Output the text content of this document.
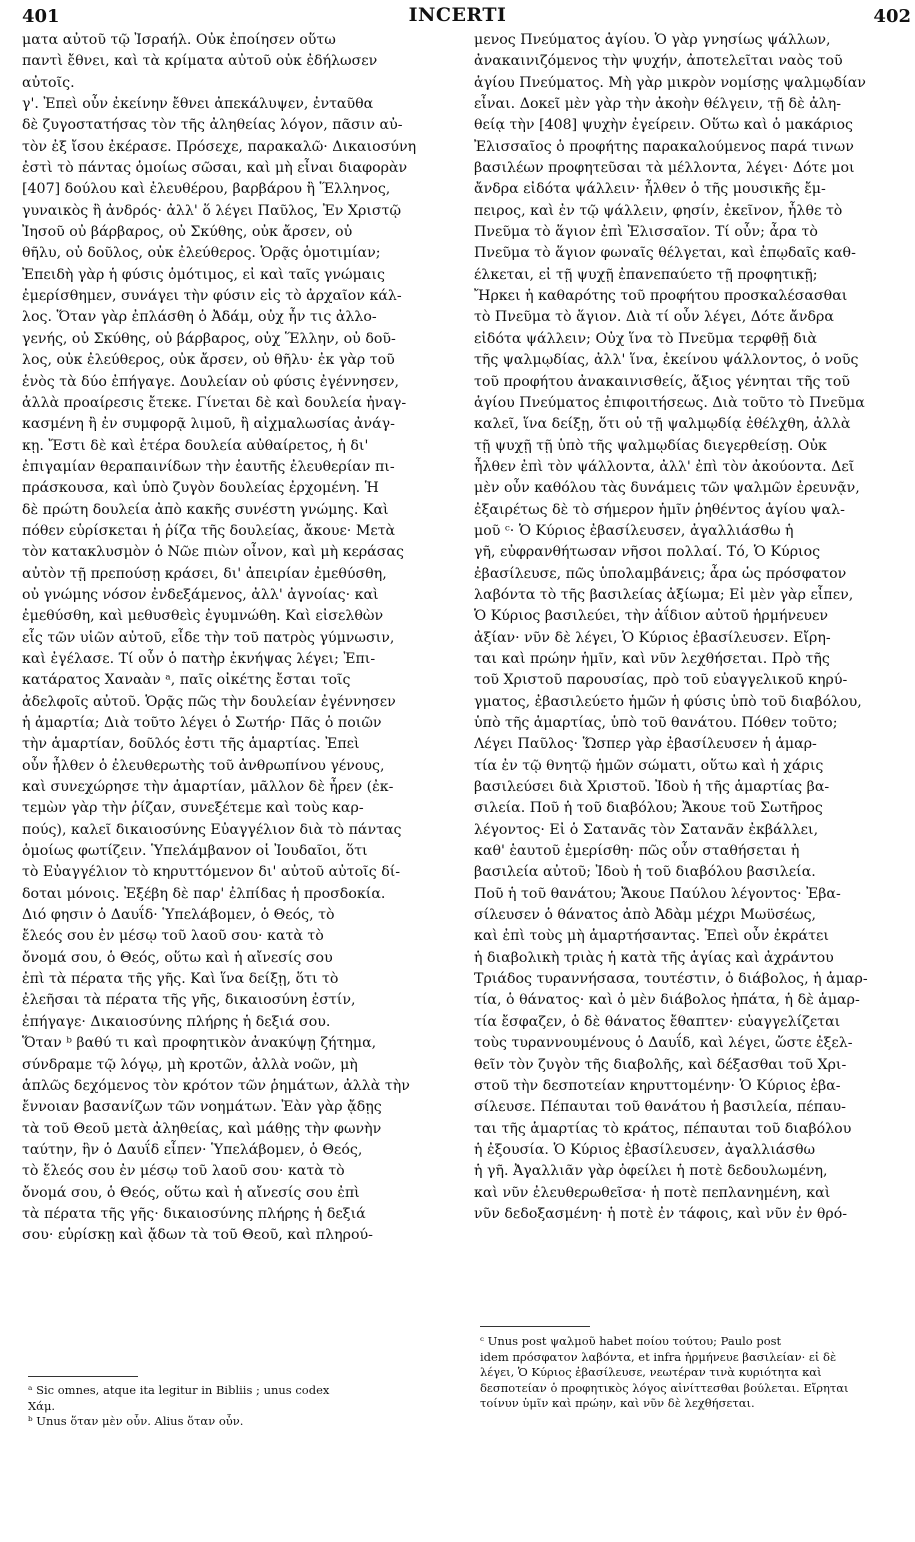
401	INCERTI	402
ματα αὐτοῦ τῷ Ἰσραήλ. Οὐκ ἐποίησεν οὕτω
παντὶ ἔθνει, καὶ τὰ κρίματα αὐτοῦ οὐκ ἐδήλωσεν
αὐτοῖς.
γ'. Ἐπεὶ οὖν ἐκείνην ἔθνει ἀπεκάλυψεν, ἐνταῦθα
δὲ ζυγοστατήσας τὸν τῆς ἀληθείας λόγον, πᾶσιν αὐ-
τὸν ἐξ ἴσου ἐκέρασε. Πρόσεχε, παρακαλῶ· Δικαιοσύνη
ἐστὶ τὸ πάντας ὁμοίως σῶσαι, καὶ μὴ εἶναι διαφορὰν
[407] δούλου καὶ ἐλευθέρου, βαρβάρου ἢ Ἕλληνος,
γυναικὸς ἢ ἀνδρός· ἀλλ' ὅ λέγει Παῦλος, Ἐν Χριστῷ
Ἰησοῦ οὐ βάρβαρος, οὐ Σκύθης, οὐκ ἄρσεν, οὐ
θῆλυ, οὐ δοῦλος, οὐκ ἐλεύθερος. Ὁρᾷς ὁμοτιμίαν;
Ἐπειδὴ γὰρ ἡ φύσις ὁμότιμος, εἰ καὶ ταῖς γνώμαις
ἐμερίσθημεν, συνάγει τὴν φύσιν εἰς τὸ ἀρχαῖον κάλ-
λος. Ὅταν γὰρ ἐπλάσθη ὁ Ἀδάμ, οὐχ ἦν τις ἀλλο-
γενής, οὐ Σκύθης, οὐ βάρβαρος, οὐχ Ἕλλην, οὐ δοῦ-
λος, οὐκ ἐλεύθερος, οὐκ ἄρσεν, οὐ θῆλυ· ἐκ γὰρ τοῦ
ἑνὸς τὰ δύο ἐπήγαγε. Δουλείαν οὐ φύσις ἐγέννησεν,
ἀλλὰ προαίρεσις ἔτεκε. Γίνεται δὲ καὶ δουλεία ἠναγ-
κασμένη ἢ ἐν συμφορᾷ λιμοῦ, ἢ αἰχμαλωσίας ἀνάγ-
κῃ. Ἔστι δὲ καὶ ἑτέρα δουλεία αὐθαίρετος, ἡ δι'
ἐπιγαμίαν θεραπαινίδων τὴν ἑαυτῆς ἐλευθερίαν πι-
πράσκουσα, καὶ ὑπὸ ζυγὸν δουλείας ἐρχομένη. Ἡ
δὲ πρώτη δουλεία ἀπὸ κακῆς συνέστη γνώμης. Καὶ
πόθεν εὑρίσκεται ἡ ῥίζα τῆς δουλείας, ἄκουε· Μετὰ
τὸν κατακλυσμὸν ὁ Νῶε πιὼν οἶνον, καὶ μὴ κεράσας
αὐτὸν τῇ πρεπούσῃ κράσει, δι' ἀπειρίαν ἐμεθύσθη,
οὐ γνώμης νόσον ἐνδεξάμενος, ἀλλ' ἀγνοίας· καὶ
ἐμεθύσθη, καὶ μεθυσθεὶς ἐγυμνώθη. Καὶ εἰσελθὼν
εἷς τῶν υἱῶν αὐτοῦ, εἶδε τὴν τοῦ πατρὸς γύμνωσιν,
καὶ ἐγέλασε. Τί οὖν ὁ πατὴρ ἐκνήψας λέγει; Ἐπι-
κατάρατος Χαναὰν ᵃ, παῖς οἰκέτης ἔσται τοῖς
ἀδελφοῖς αὐτοῦ. Ὁρᾷς πῶς τὴν δουλείαν ἐγέννησεν
ἡ ἁμαρτία; Διὰ τοῦτο λέγει ὁ Σωτήρ· Πᾶς ὁ ποιῶν
τὴν ἁμαρτίαν, δοῦλός ἐστι τῆς ἁμαρτίας. Ἐπεὶ
οὖν ἦλθεν ὁ ἐλευθερωτὴς τοῦ ἀνθρωπίνου γένους,
καὶ συνεχώρησε τὴν ἁμαρτίαν, μᾶλλον δὲ ἦρεν (ἐκ-
τεμὼν γὰρ τὴν ῥίζαν, συνεξέτεμε καὶ τοὺς καρ-
πούς), καλεῖ δικαιοσύνης Εὐαγγέλιον διὰ τὸ πάντας
ὁμοίως φωτίζειν. Ὑπελάμβανον οἱ Ἰουδαῖοι, ὅτι
τὸ Εὐαγγέλιον τὸ κηρυττόμενον δι' αὐτοῦ αὐτοῖς δί-
δοται μόνοις. Ἐξέβη δὲ παρ' ἐλπίδας ἡ προσδοκία.
Διό φησιν ὁ Δαυΐδ· Ὑπελάβομεν, ὁ Θεός, τὸ
ἔλεός σου ἐν μέσῳ τοῦ λαοῦ σου· κατὰ τὸ
ὄνομά σου, ὁ Θεός, οὕτω καὶ ἡ αἴνεσίς σου
ἐπὶ τὰ πέρατα τῆς γῆς. Καὶ ἵνα δείξῃ, ὅτι τὸ
ἐλεῆσαι τὰ πέρατα τῆς γῆς, δικαιοσύνη ἐστίν,
ἐπήγαγε· Δικαιοσύνης πλήρης ἡ δεξιά σου.
Ὅταν ᵇ βαθύ τι καὶ προφητικὸν ἀνακύψῃ ζήτημα,
σύνδραμε τῷ λόγῳ, μὴ κροτῶν, ἀλλὰ νοῶν, μὴ
ἁπλῶς δεχόμενος τὸν κρότον τῶν ῥημάτων, ἀλλὰ τὴν
ἔννοιαν βασανίζων τῶν νοημάτων. Ἐὰν γὰρ ᾄδῃς
τὰ τοῦ Θεοῦ μετὰ ἀληθείας, καὶ μάθῃς τὴν φωνὴν
ταύτην, ἣν ὁ Δαυΐδ εἶπεν· Ὑπελάβομεν, ὁ Θεός,
τὸ ἔλεός σου ἐν μέσῳ τοῦ λαοῦ σου· κατὰ τὸ
ὄνομά σου, ὁ Θεός, οὕτω καὶ ἡ αἴνεσίς σου ἐπὶ
τὰ πέρατα τῆς γῆς· δικαιοσύνης πλήρης ἡ δεξιά
σου· εὑρίσκῃ καὶ ᾄδων τὰ τοῦ Θεοῦ, καὶ πληρού-
μενος Πνεύματος ἁγίου. Ὁ γὰρ γνησίως ψάλλων,
ἀνακαινιζόμενος τὴν ψυχήν, ἀποτελεῖται ναὸς τοῦ
ἁγίου Πνεύματος. Μὴ γὰρ μικρὸν νομίσῃς ψαλμῳδίαν
εἶναι. Δοκεῖ μὲν γὰρ τὴν ἀκοὴν θέλγειν, τῇ δὲ ἀλη-
θείᾳ τὴν [408] ψυχὴν ἐγείρειν. Οὕτω καὶ ὁ μακάριος
Ἐλισσαῖος ὁ προφήτης παρακαλούμενος παρά τινων
βασιλέων προφητεῦσαι τὰ μέλλοντα, λέγει· Δότε μοι
ἄνδρα εἰδότα ψάλλειν· ἦλθεν ὁ τῆς μουσικῆς ἔμ-
πειρος, καὶ ἐν τῷ ψάλλειν, φησίν, ἐκεῖνον, ἦλθε τὸ
Πνεῦμα τὸ ἅγιον ἐπὶ Ἐλισσαῖον. Τί οὖν; ἆρα τὸ
Πνεῦμα τὸ ἅγιον φωναῖς θέλγεται, καὶ ἐπῳδαῖς καθ-
έλκεται, εἰ τῇ ψυχῇ ἐπανεπαύετο τῇ προφητικῇ;
Ἤρκει ἡ καθαρότης τοῦ προφήτου προσκαλέσασθαι
τὸ Πνεῦμα τὸ ἅγιον. Διὰ τί οὖν λέγει, Δότε ἄνδρα
εἰδότα ψάλλειν; Οὐχ ἵνα τὸ Πνεῦμα τερφθῇ διὰ
τῆς ψαλμῳδίας, ἀλλ' ἵνα, ἐκείνου ψάλλοντος, ὁ νοῦς
τοῦ προφήτου ἀνακαινισθείς, ἄξιος γένηται τῆς τοῦ
ἁγίου Πνεύματος ἐπιφοιτήσεως. Διὰ τοῦτο τὸ Πνεῦμα
καλεῖ, ἵνα δείξῃ, ὅτι οὐ τῇ ψαλμῳδίᾳ ἐθέλχθη, ἀλλὰ
τῇ ψυχῇ τῇ ὑπὸ τῆς ψαλμῳδίας διεγερθείσῃ. Οὐκ
ἦλθεν ἐπὶ τὸν ψάλλοντα, ἀλλ' ἐπὶ τὸν ἀκούοντα. Δεῖ
μὲν οὖν καθόλου τὰς δυνάμεις τῶν ψαλμῶν ἐρευνᾷν,
ἐξαιρέτως δὲ τὸ σήμερον ἡμῖν ῥηθέντος ἁγίου ψαλ-
μοῦ ᶜ· Ὁ Κύριος ἐβασίλευσεν, ἀγαλλιάσθω ἡ
γῆ, εὐφρανθήτωσαν νῆσοι πολλαί. Τό, Ὁ Κύριος
ἐβασίλευσε, πῶς ὑπολαμβάνεις; ἆρα ὡς πρόσφατον
λαβόντα τὸ τῆς βασιλείας ἀξίωμα; Εἰ μὲν γὰρ εἶπεν,
Ὁ Κύριος βασιλεύει, τὴν ἀΐδιον αὐτοῦ ἡρμήνευεν
ἀξίαν· νῦν δὲ λέγει, Ὁ Κύριος ἐβασίλευσεν. Εἴρη-
ται καὶ πρώην ἡμῖν, καὶ νῦν λεχθήσεται. Πρὸ τῆς
τοῦ Χριστοῦ παρουσίας, πρὸ τοῦ εὐαγγελικοῦ κηρύ-
γματος, ἐβασιλεύετο ἡμῶν ἡ φύσις ὑπὸ τοῦ διαβόλου,
ὑπὸ τῆς ἁμαρτίας, ὑπὸ τοῦ θανάτου. Πόθεν τοῦτο;
Λέγει Παῦλος· Ὥσπερ γὰρ ἐβασίλευσεν ἡ ἁμαρ-
τία ἐν τῷ θνητῷ ἡμῶν σώματι, οὕτω καὶ ἡ χάρις
βασιλεύσει διὰ Χριστοῦ. Ἰδοὺ ἡ τῆς ἁμαρτίας βα-
σιλεία. Ποῦ ἡ τοῦ διαβόλου; Ἄκουε τοῦ Σωτῆρος
λέγοντος· Εἰ ὁ Σατανᾶς τὸν Σατανᾶν ἐκβάλλει,
καθ' ἑαυτοῦ ἐμερίσθη· πῶς οὖν σταθήσεται ἡ
βασιλεία αὐτοῦ; Ἰδοὺ ἡ τοῦ διαβόλου βασιλεία.
Ποῦ ἡ τοῦ θανάτου; Ἄκουε Παύλου λέγοντος· Ἐβα-
σίλευσεν ὁ θάνατος ἀπὸ Ἀδὰμ μέχρι Μωϋσέως,
καὶ ἐπὶ τοὺς μὴ ἁμαρτήσαντας. Ἐπεὶ οὖν ἐκράτει
ἡ διαβολικὴ τριὰς ἡ κατὰ τῆς ἁγίας καὶ ἀχράντου
Τριάδος τυραννήσασα, τουτέστιν, ὁ διάβολος, ἡ ἁμαρ-
τία, ὁ θάνατος· καὶ ὁ μὲν διάβολος ἠπάτα, ἡ δὲ ἁμαρ-
τία ἔσφαζεν, ὁ δὲ θάνατος ἔθαπτεν· εὐαγγελίζεται
τοὺς τυραννουμένους ὁ Δαυΐδ, καὶ λέγει, ὥστε ἐξελ-
θεῖν τὸν ζυγὸν τῆς διαβολῆς, καὶ δέξασθαι τοῦ Χρι-
στοῦ τὴν δεσποτείαν κηρυττομένην· Ὁ Κύριος ἐβα-
σίλευσε. Πέπαυται τοῦ θανάτου ἡ βασιλεία, πέπαυ-
ται τῆς ἁμαρτίας τὸ κράτος, πέπαυται τοῦ διαβόλου
ἡ ἐξουσία. Ὁ Κύριος ἐβασίλευσεν, ἀγαλλιάσθω
ἡ γῆ. Ἀγαλλιᾶν γὰρ ὀφείλει ἡ ποτὲ δεδουλωμένη,
καὶ νῦν ἐλευθερωθεῖσα· ἡ ποτὲ πεπλανημένη, καὶ
νῦν δεδοξασμένη· ἡ ποτὲ ἐν τάφοις, καὶ νῦν ἐν θρό-
ᵃ Sic omnes, atque ita legitur in Bibliis ; unus codex
Χάμ.
ᵇ Unus ὅταν μὲν οὖν. Alius ὅταν οὖν.
ᶜ Unus post ψαλμοῦ habet ποίου τούτου; Paulo post
idem πρόσφατον λαβόντα, et infra ἡρμήνευε βασιλείαν· εἰ δὲ
λέγει, Ὁ Κύριος ἐβασίλευσε, νεωτέραν τινὰ κυριότητα καὶ
δεσποτείαν ὁ προφητικὸς λόγος αἰνίττεσθαι βούλεται. Εἴρηται
τοίνυν ὑμῖν καὶ πρώην, καὶ νῦν δὲ λεχθήσεται.
